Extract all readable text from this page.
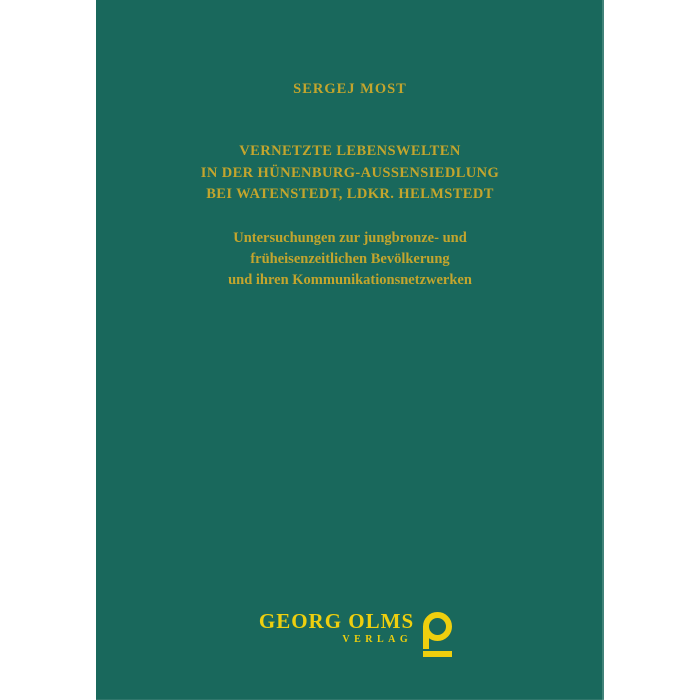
SERGEJ MOST
VERNETZTE LEBENSWELTEN
IN DER HÜNENBURG-AUSSENSIEDLUNG
BEI WATENSTEDT, LDKR. HELMSTEDT
Untersuchungen zur jungbronze- und
früheisenzeitlichen Bevölkerung
und ihren Kommunikationsnetzwerken
GEORG OLMS
VERLAG
